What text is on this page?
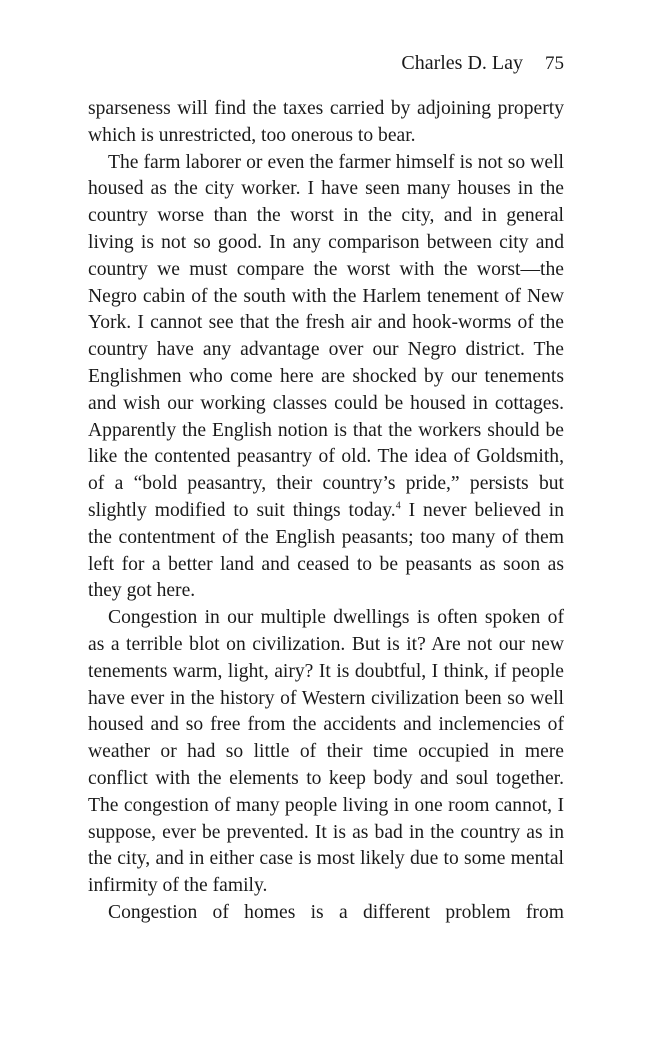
Charles D. Lay 75

sparseness will find the taxes carried by adjoining property which is unrestricted, too onerous to bear.

The farm laborer or even the farmer himself is not so well housed as the city worker. I have seen many houses in the country worse than the worst in the city, and in general living is not so good. In any comparison between city and country we must compare the worst with the worst—the Negro cabin of the south with the Harlem tenement of New York. I cannot see that the fresh air and hook-worms of the country have any advantage over our Negro district. The Englishmen who come here are shocked by our tenements and wish our working classes could be housed in cottages. Apparently the English notion is that the workers should be like the contented peasantry of old. The idea of Goldsmith, of a “bold peasantry, their country’s pride,” persists but slightly modified to suit things today.$^4$ I never believed in the contentment of the English peasants; too many of them left for a better land and ceased to be peasants as soon as they got here.

Congestion in our multiple dwellings is often spoken of as a terrible blot on civilization. But is it? Are not our new tenements warm, light, airy? It is doubtful, I think, if people have ever in the history of Western civilization been so well housed and so free from the accidents and inclemencies of weather or had so little of their time occupied in mere conflict with the elements to keep body and soul together. The congestion of many people living in one room cannot, I suppose, ever be prevented. It is as bad in the country as in the city, and in either case is most likely due to some mental infirmity of the family.

Congestion of homes is a different problem from
